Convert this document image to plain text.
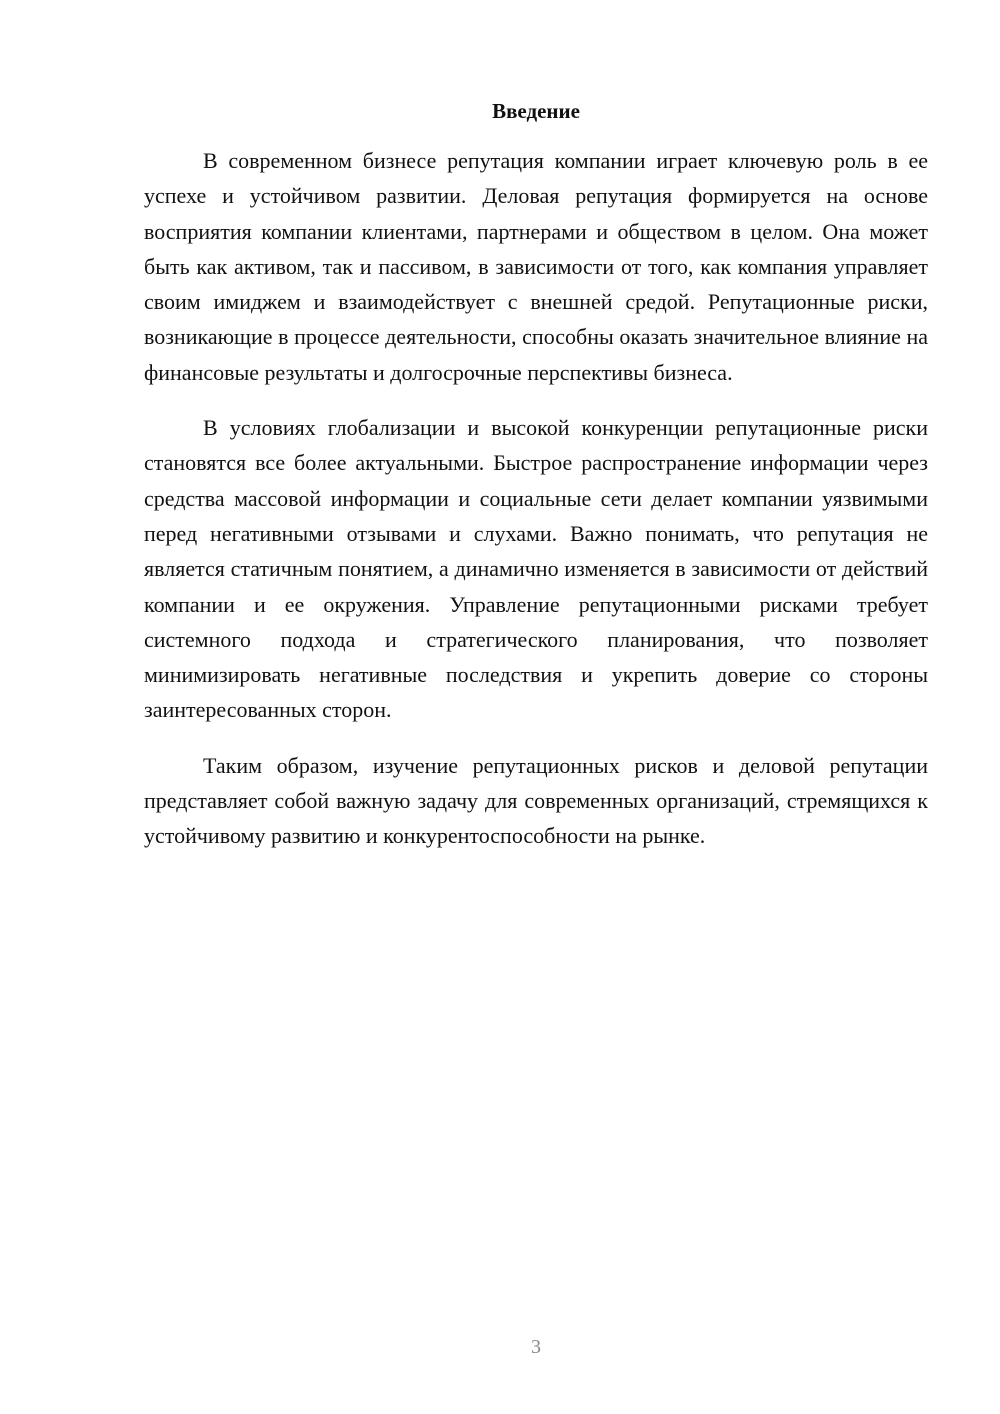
Введение

В современном бизнесе репутация компании играет ключевую роль в ее успехе и устойчивом развитии. Деловая репутация формируется на основе восприятия компании клиентами, партнерами и обществом в целом. Она может быть как активом, так и пассивом, в зависимости от того, как компания управляет своим имиджем и взаимодействует с внешней средой. Репутационные риски, возникающие в процессе деятельности, способны оказать значительное влияние на финансовые результаты и долгосрочные перспективы бизнеса.

В условиях глобализации и высокой конкуренции репутационные риски становятся все более актуальными. Быстрое распространение информации через средства массовой информации и социальные сети делает компании уязвимыми перед негативными отзывами и слухами. Важно понимать, что репутация не является статичным понятием, а динамично изменяется в зависимости от действий компании и ее окружения. Управление репутационными рисками требует системного подхода и стратегического планирования, что позволяет минимизировать негативные последствия и укрепить доверие со стороны заинтересованных сторон.

Таким образом, изучение репутационных рисков и деловой репутации представляет собой важную задачу для современных организаций, стремящихся к устойчивому развитию и конкурентоспособности на рынке.

3
